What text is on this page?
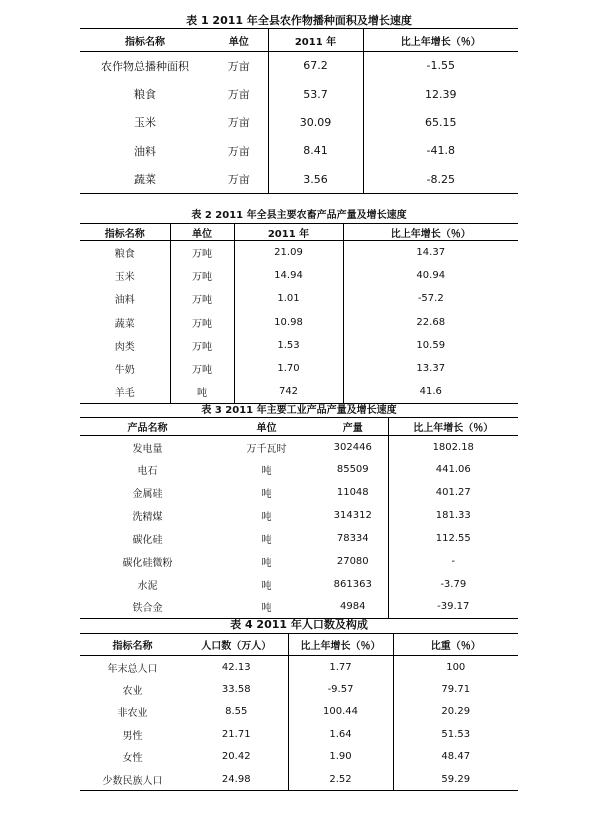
表 1 2011 年全县农作物播种面积及增长速度
指标名称	单位	2011 年	比上年增长（％）
农作物总播种面积	万亩	67.2	-1.55
粮食	万亩	53.7	12.39
玉米	万亩	30.09	65.15
油料	万亩	8.41	-41.8
蔬菜	万亩	3.56	-8.25
表 2 2011 年全县主要农畜产品产量及增长速度
指标名称	单位	2011 年	比上年增长（％）
粮食	万吨	21.09	14.37
玉米	万吨	14.94	40.94
油料	万吨	1.01	-57.2
蔬菜	万吨	10.98	22.68
肉类	万吨	1.53	10.59
牛奶	万吨	1.70	13.37
羊毛	吨	742	41.6
表 3 2011 年主要工业产品产量及增长速度
产品名称	单位	产量	比上年增长（％）
发电量	万千瓦时	302446	1802.18
电石	吨	85509	441.06
金属硅	吨	11048	401.27
洗精煤	吨	314312	181.33
碳化硅	吨	78334	112.55
碳化硅微粉	吨	27080	-
水泥	吨	861363	-3.79
铁合金	吨	4984	-39.17
表 4 2011 年人口数及构成
指标名称	人口数（万人）	比上年增长（％）	比重（％）
年末总人口	42.13	1.77	100
农业	33.58	-9.57	79.71
非农业	8.55	100.44	20.29
男性	21.71	1.64	51.53
女性	20.42	1.90	48.47
少数民族人口	24.98	2.52	59.29
